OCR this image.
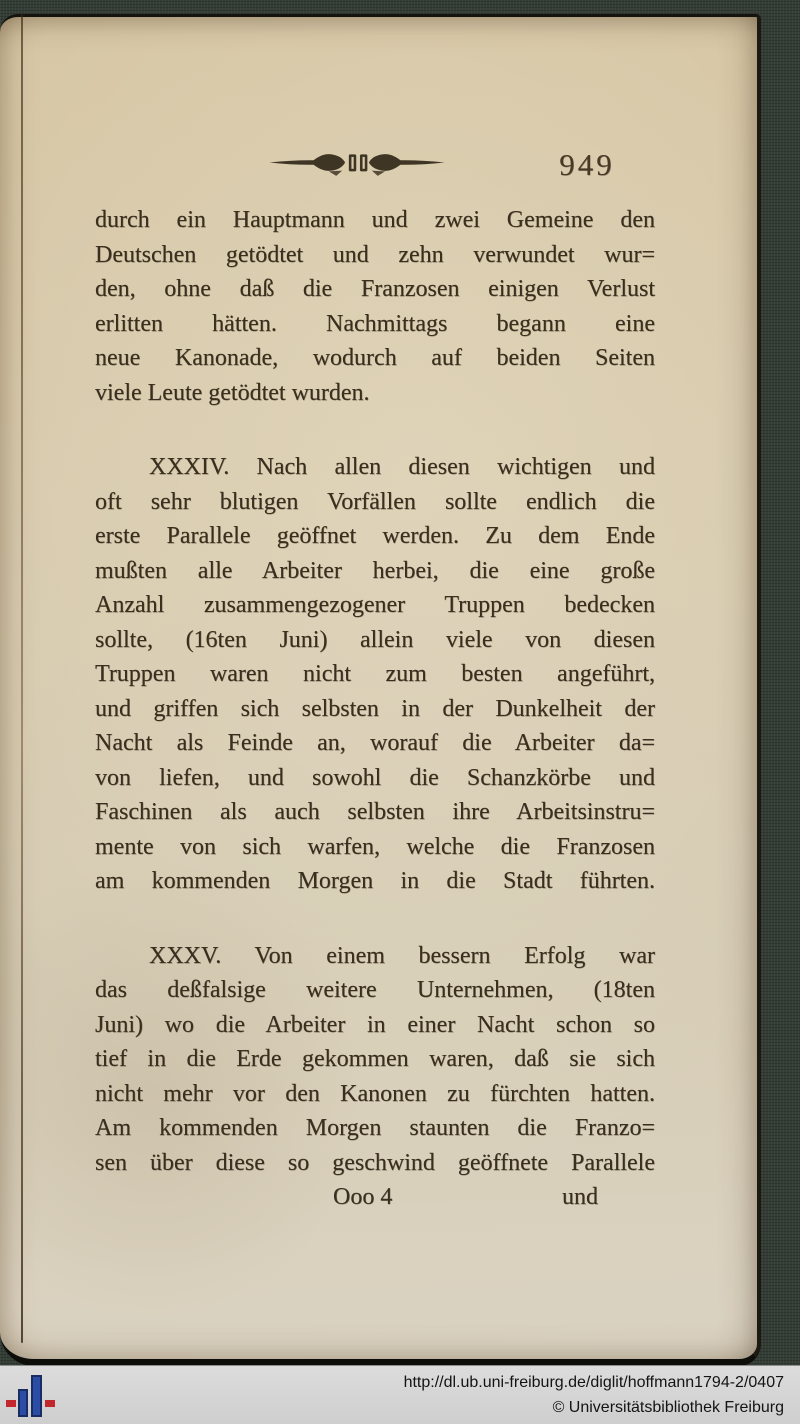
949
durch ein Hauptmann und zwei Gemeine den
Deutschen getödtet und zehn verwundet wur=
den, ohne daß die Franzosen einigen Verlust
erlitten hätten. Nachmittags begann eine
neue Kanonade, wodurch auf beiden Seiten
viele Leute getödtet wurden.
XXXIV. Nach allen diesen wichtigen und
oft sehr blutigen Vorfällen sollte endlich die
erste Parallele geöffnet werden. Zu dem Ende
mußten alle Arbeiter herbei, die eine große
Anzahl zusammengezogener Truppen bedecken
sollte, (16ten Juni) allein viele von diesen
Truppen waren nicht zum besten angeführt,
und griffen sich selbsten in der Dunkelheit der
Nacht als Feinde an, worauf die Arbeiter da=
von liefen, und sowohl die Schanzkörbe und
Faschinen als auch selbsten ihre Arbeitsinstru=
mente von sich warfen, welche die Franzosen
am kommenden Morgen in die Stadt führten.
XXXV. Von einem bessern Erfolg war
das deßfalsige weitere Unternehmen, (18ten
Juni) wo die Arbeiter in einer Nacht schon so
tief in die Erde gekommen waren, daß sie sich
nicht mehr vor den Kanonen zu fürchten hatten.
Am kommenden Morgen staunten die Franzo=
sen über diese so geschwind geöffnete Parallele
Ooo 4	und
http://dl.ub.uni-freiburg.de/diglit/hoffmann1794-2/0407
© Universitätsbibliothek Freiburg
